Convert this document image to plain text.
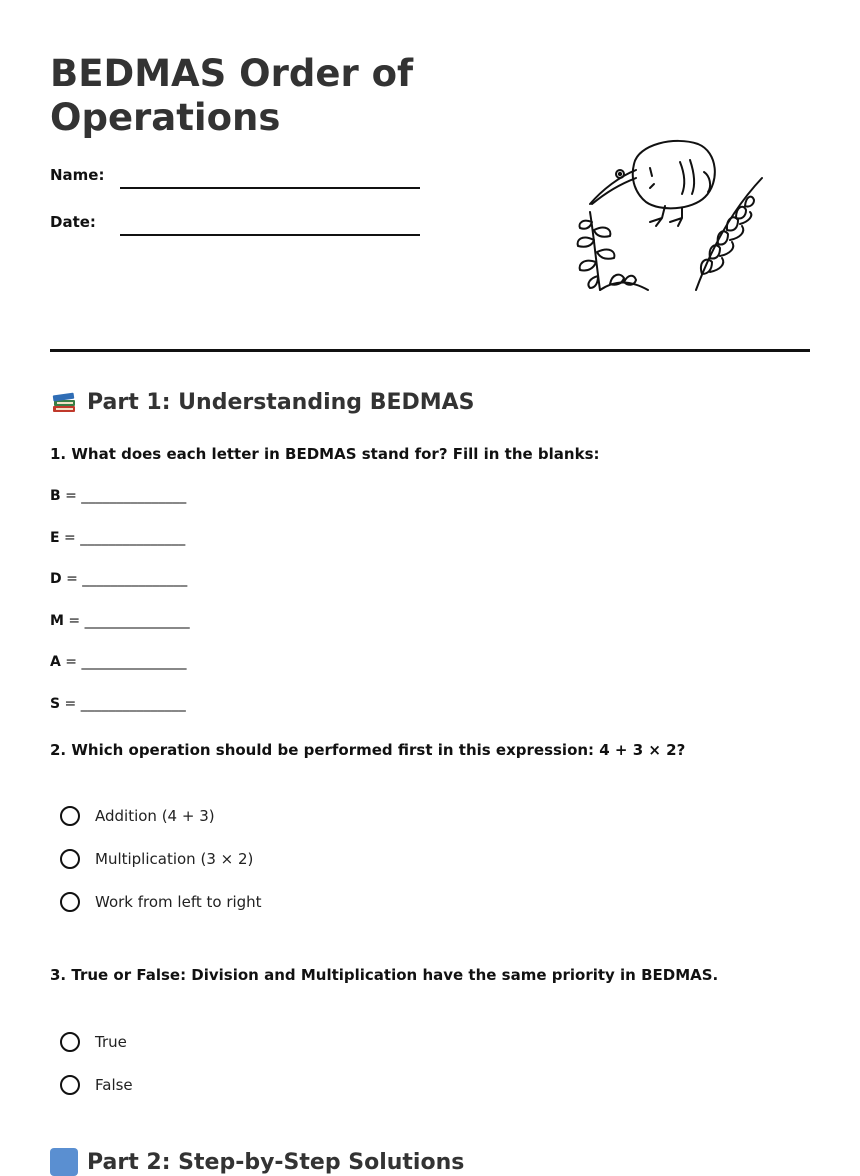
BEDMAS Order of Operations
Name:
Date:
Part 1: Understanding BEDMAS
1. What does each letter in BEDMAS stand for? Fill in the blanks:
B = _______________
E = _______________
D = _______________
M = _______________
A = _______________
S = _______________
2. Which operation should be performed first in this expression: 4 + 3 × 2?
Addition (4 + 3)
Multiplication (3 × 2)
Work from left to right
3. True or False: Division and Multiplication have the same priority in BEDMAS.
True
False
Part 2: Step-by-Step Solutions
